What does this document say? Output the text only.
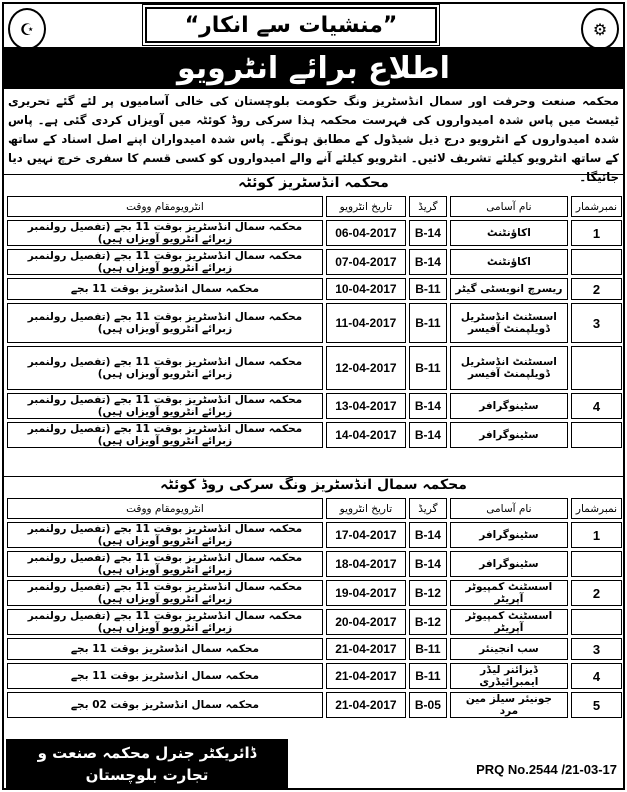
☪	⚙
”منشیات سے انکار“
اطلاع برائے انٹرویو
محکمہ صنعت وحرفت اور سمال انڈسٹریز ونگ حکومت بلوچستان کی خالی آسامیوں پر لئے گئے تحریری ٹیسٹ میں پاس شدہ امیدواروں کی فہرست محکمہ ہذا سرکی روڈ کوئٹہ میں آویزاں کردی گئی ہے۔ پاس شدہ امیدواروں کے انٹرویو درج ذیل شیڈول کے مطابق ہونگے۔ پاس شدہ امیدواران اپنے اصل اسناد کے ساتھ کے ساتھ انٹرویو کیلئے تشریف لائیں۔ انٹرویو کیلئے آنے والے امیدواروں کو کسی قسم کا سفری خرچ نہیں دیا جائیگا۔
محکمہ انڈسٹریز کوئٹہ
نمبرشمار	نام آسامی	گریڈ	تاریخ انٹرویو	انٹرویومقام ووقت
1	اکاؤنٹنٹ	B-14	06-04-2017	محکمہ سمال انڈسٹریز بوقت 11 بجے (تفصیل رولنمبر زبرائے انٹرویو آویزاں ہیں)
	اکاؤنٹنٹ	B-14	07-04-2017	محکمہ سمال انڈسٹریز بوقت 11 بجے (تفصیل رولنمبر زبرائے انٹرویو آویزاں ہیں)
2	ریسرچ انویسٹی گیٹر	B-11	10-04-2017	محکمہ سمال انڈسٹریز بوقت 11 بجے
3	اسسٹنٹ انڈسٹریل ڈویلپمنٹ آفیسر	B-11	11-04-2017	محکمہ سمال انڈسٹریز بوقت 11 بجے (تفصیل رولنمبر زبرائے انٹرویو آویزاں ہیں)
	اسسٹنٹ انڈسٹریل ڈویلپمنٹ آفیسر	B-11	12-04-2017	محکمہ سمال انڈسٹریز بوقت 11 بجے (تفصیل رولنمبر زبرائے انٹرویو آویزاں ہیں)
4	سٹینوگرافر	B-14	13-04-2017	محکمہ سمال انڈسٹریز بوقت 11 بجے (تفصیل رولنمبر زبرائے انٹرویو آویزاں ہیں)
	سٹینوگرافر	B-14	14-04-2017	محکمہ سمال انڈسٹریز بوقت 11 بجے (تفصیل رولنمبر زبرائے انٹرویو آویزاں ہیں)
محکمہ سمال انڈسٹریز ونگ سرکی روڈ کوئٹہ
نمبرشمار	نام آسامی	گریڈ	تاریخ انٹرویو	انٹرویومقام ووقت
1	سٹینوگرافر	B-14	17-04-2017	محکمہ سمال انڈسٹریز بوقت 11 بجے (تفصیل رولنمبر زبرائے انٹرویو آویزاں ہیں)
	سٹینوگرافر	B-14	18-04-2017	محکمہ سمال انڈسٹریز بوقت 11 بجے (تفصیل رولنمبر زبرائے انٹرویو آویزاں ہیں)
2	اسسٹنٹ کمپیوٹر آپریٹر	B-12	19-04-2017	محکمہ سمال انڈسٹریز بوقت 11 بجے (تفصیل رولنمبر زبرائے انٹرویو آویزاں ہیں)
	اسسٹنٹ کمپیوٹر آپریٹر	B-12	20-04-2017	محکمہ سمال انڈسٹریز بوقت 11 بجے (تفصیل رولنمبر زبرائے انٹرویو آویزاں ہیں)
3	سب انجینئر	B-11	21-04-2017	محکمہ سمال انڈسٹریز بوقت 11 بجے
4	ڈیزائنر لیڈر ایمبرائیڈری	B-11	21-04-2017	محکمہ سمال انڈسٹریز بوقت 11 بجے
5	جونیئر سیلز مین مرد	B-05	21-04-2017	محکمہ سمال انڈسٹریز بوقت 02 بجے
ڈائریکٹر جنرل محکمہ صنعت و
تجارت بلوچستان	PRQ No.2544 /21-03-17
